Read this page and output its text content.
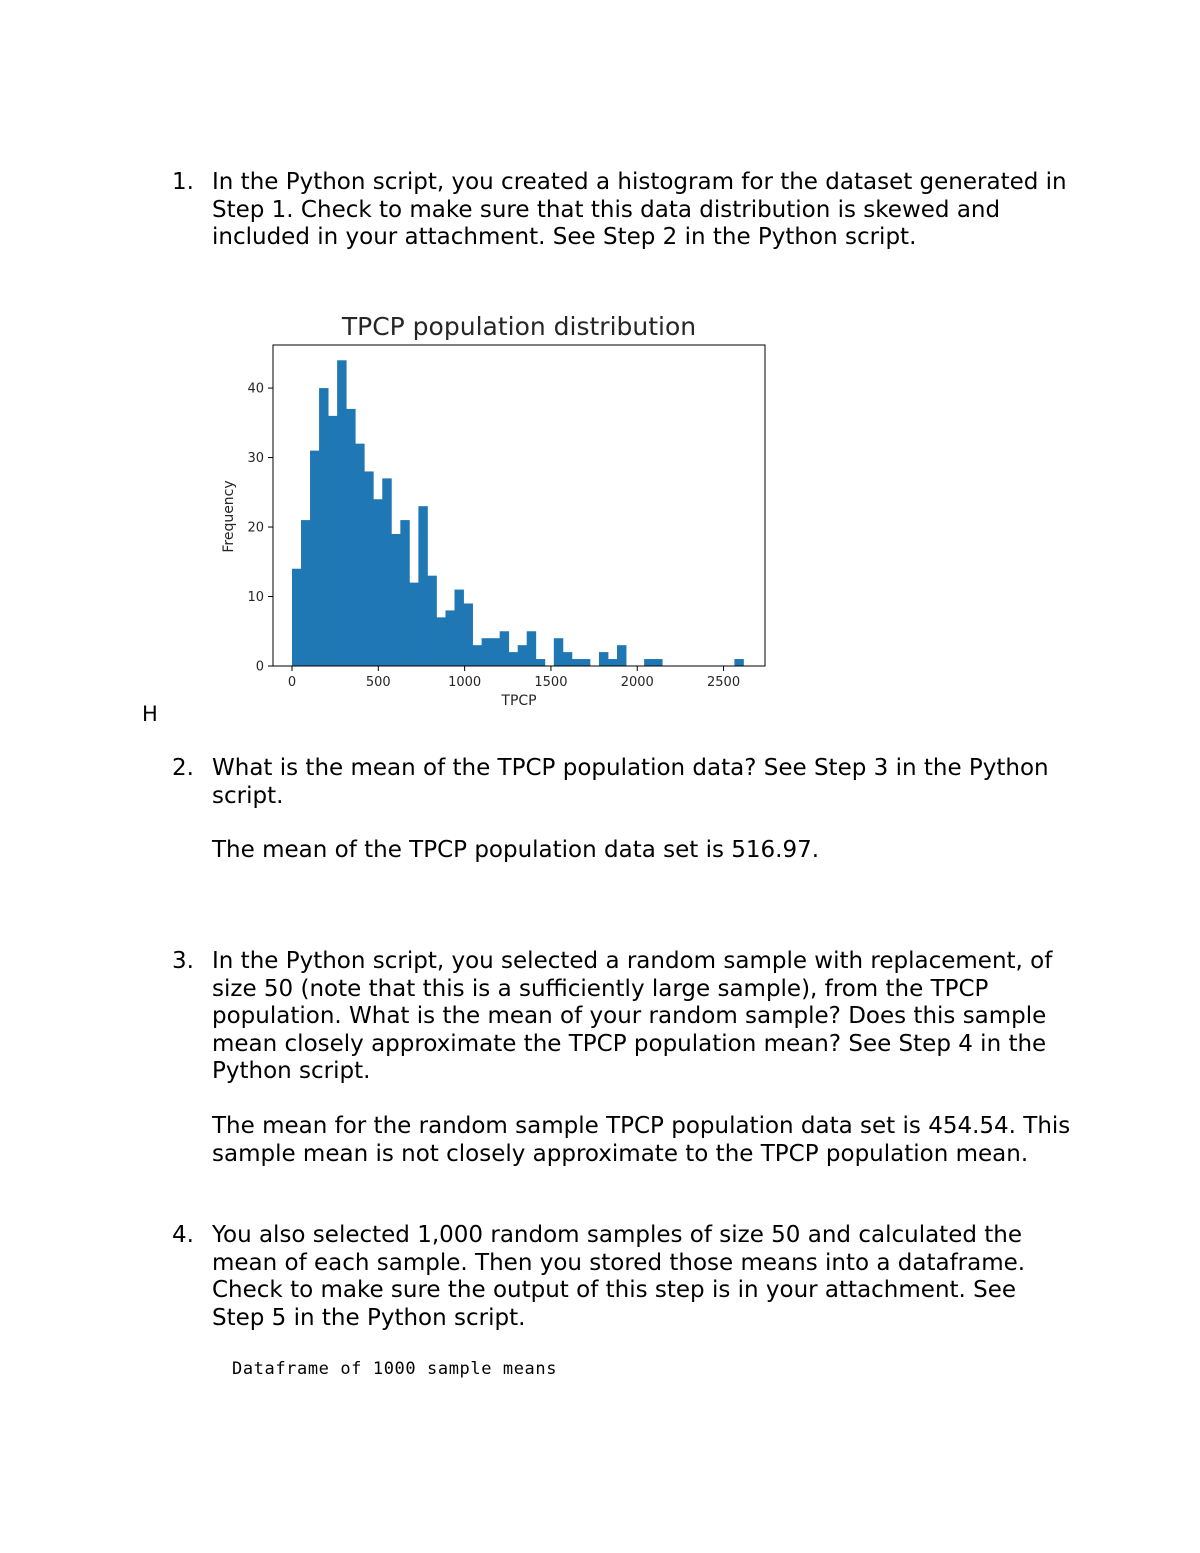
1. In the Python script, you created a histogram for the dataset generated in Step 1. Check to make sure that this data distribution is skewed and included in your attachment. See Step 2 in the Python script.
0	500	1000	1500	2000	2500
0
10
20
30
40
TPCP population distribution
TPCP
Frequency
H
2. What is the mean of the TPCP population data? See Step 3 in the Python script.
The mean of the TPCP population data set is 516.97.
3. In the Python script, you selected a random sample with replacement, of size 50 (note that this is a sufficiently large sample), from the TPCP population. What is the mean of your random sample? Does this sample mean closely approximate the TPCP population mean? See Step 4 in the Python script.
The mean for the random sample TPCP population data set is 454.54. This sample mean is not closely approximate to the TPCP population mean.
4. You also selected 1,000 random samples of size 50 and calculated the mean of each sample. Then you stored those means into a dataframe. Check to make sure the output of this step is in your attachment. See Step 5 in the Python script.
Dataframe of 1000 sample means
